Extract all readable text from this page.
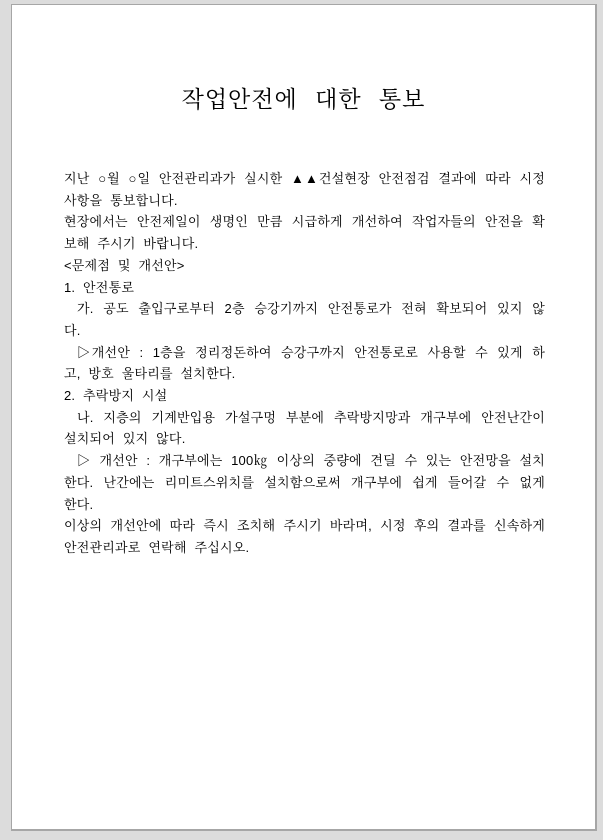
작업안전에 대한 통보

지난 ○월 ○일 안전관리과가 실시한 ▲▲건설현장 안전점검 결과에 따라 시정 사항을 통보합니다.

현장에서는 안전제일이 생명인 만큼 시급하게 개선하여 작업자들의 안전을 확보해 주시기 바랍니다.

<문제점 및 개선안>

1. 안전통로

가. 공도 출입구로부터 2층 승강기까지 안전통로가 전혀 확보되어 있지 않다.

▷개선안 : 1층을 정리정돈하여 승강구까지 안전통로로 사용할 수 있게 하고, 방호 울타리를 설치한다.

2. 추락방지 시설

나. 지층의 기계반입용 가설구멍 부분에 추락방지망과 개구부에 안전난간이 설치되어 있지 않다.

▷ 개선안 : 개구부에는 100㎏ 이상의 중량에 견딜 수 있는 안전망을 설치한다. 난간에는 리미트스위치를 설치함으로써 개구부에 쉽게 들어갈 수 없게 한다.

이상의 개선안에 따라 즉시 조치해 주시기 바라며, 시정 후의 결과를 신속하게 안전관리과로 연락해 주십시오.
